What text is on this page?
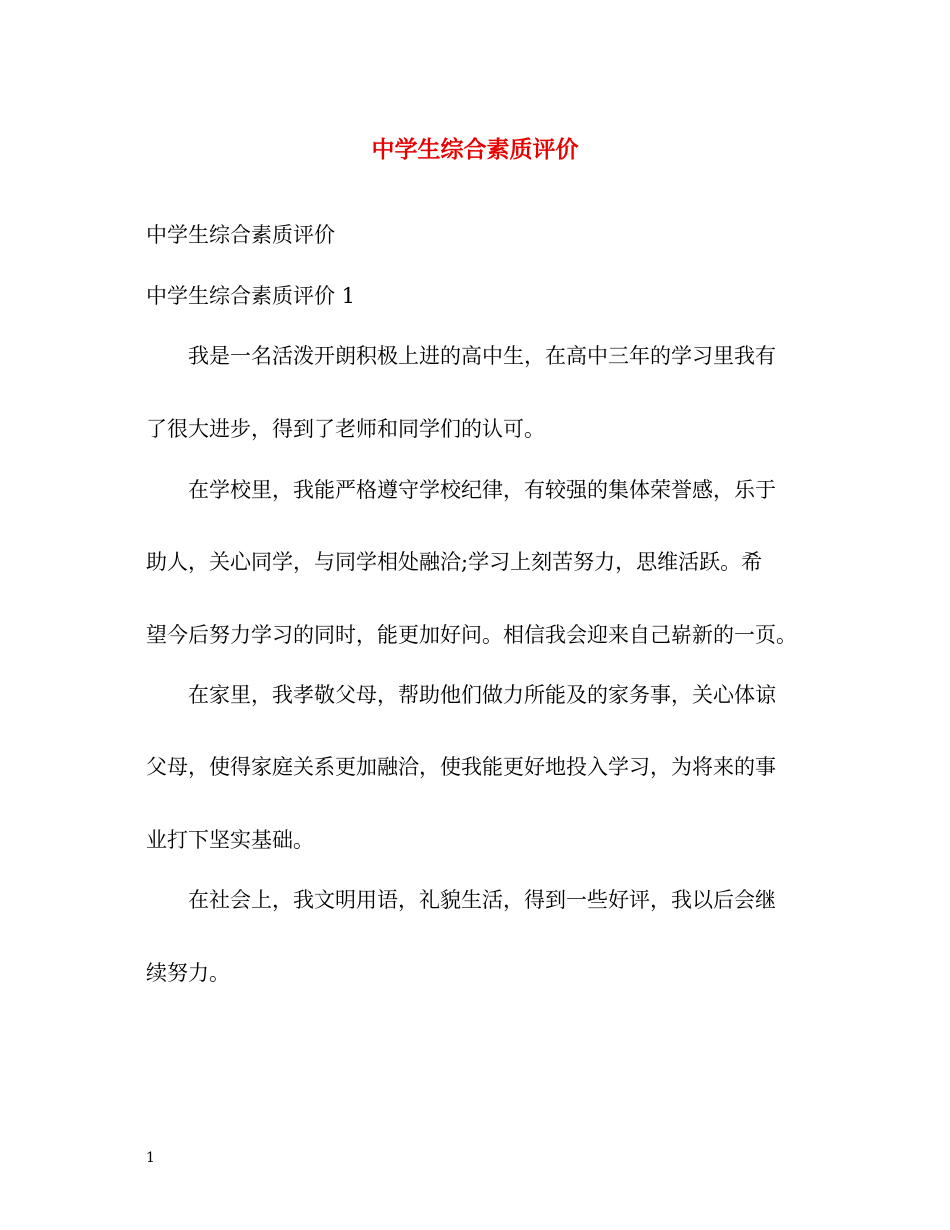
中学生综合素质评价
中学生综合素质评价
中学生综合素质评价 1
我是一名活泼开朗积极上进的高中生，在高中三年的学习里我有
了很大进步，得到了老师和同学们的认可。
在学校里，我能严格遵守学校纪律，有较强的集体荣誉感，乐于
助人，关心同学，与同学相处融洽;学习上刻苦努力，思维活跃。希
望今后努力学习的同时，能更加好问。相信我会迎来自己崭新的一页。
在家里，我孝敬父母，帮助他们做力所能及的家务事，关心体谅
父母，使得家庭关系更加融洽，使我能更好地投入学习，为将来的事
业打下坚实基础。
在社会上，我文明用语，礼貌生活，得到一些好评，我以后会继
续努力。
1
